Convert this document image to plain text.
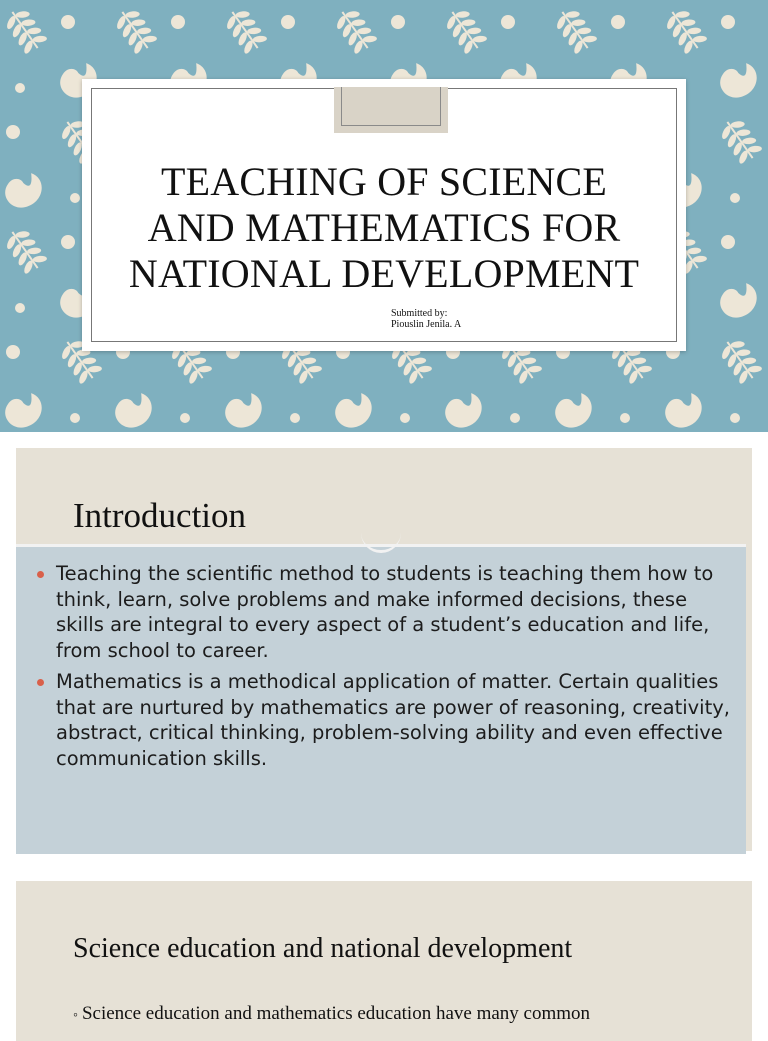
TEACHING OF SCIENCE
AND MATHEMATICS FOR
NATIONAL DEVELOPMENT
Submitted by:
Piouslin Jenila. A
Introduction
Teaching the scientific method to students is teaching them how to think, learn, solve problems and make informed decisions, these skills are integral to every aspect of a student’s education and life, from school to career.
Mathematics is a methodical application of matter. Certain qualities that are nurtured by mathematics are power of reasoning, creativity, abstract, critical thinking, problem-solving ability and even effective communication skills.
Science education and national development
◦ Science education and mathematics education have many common
